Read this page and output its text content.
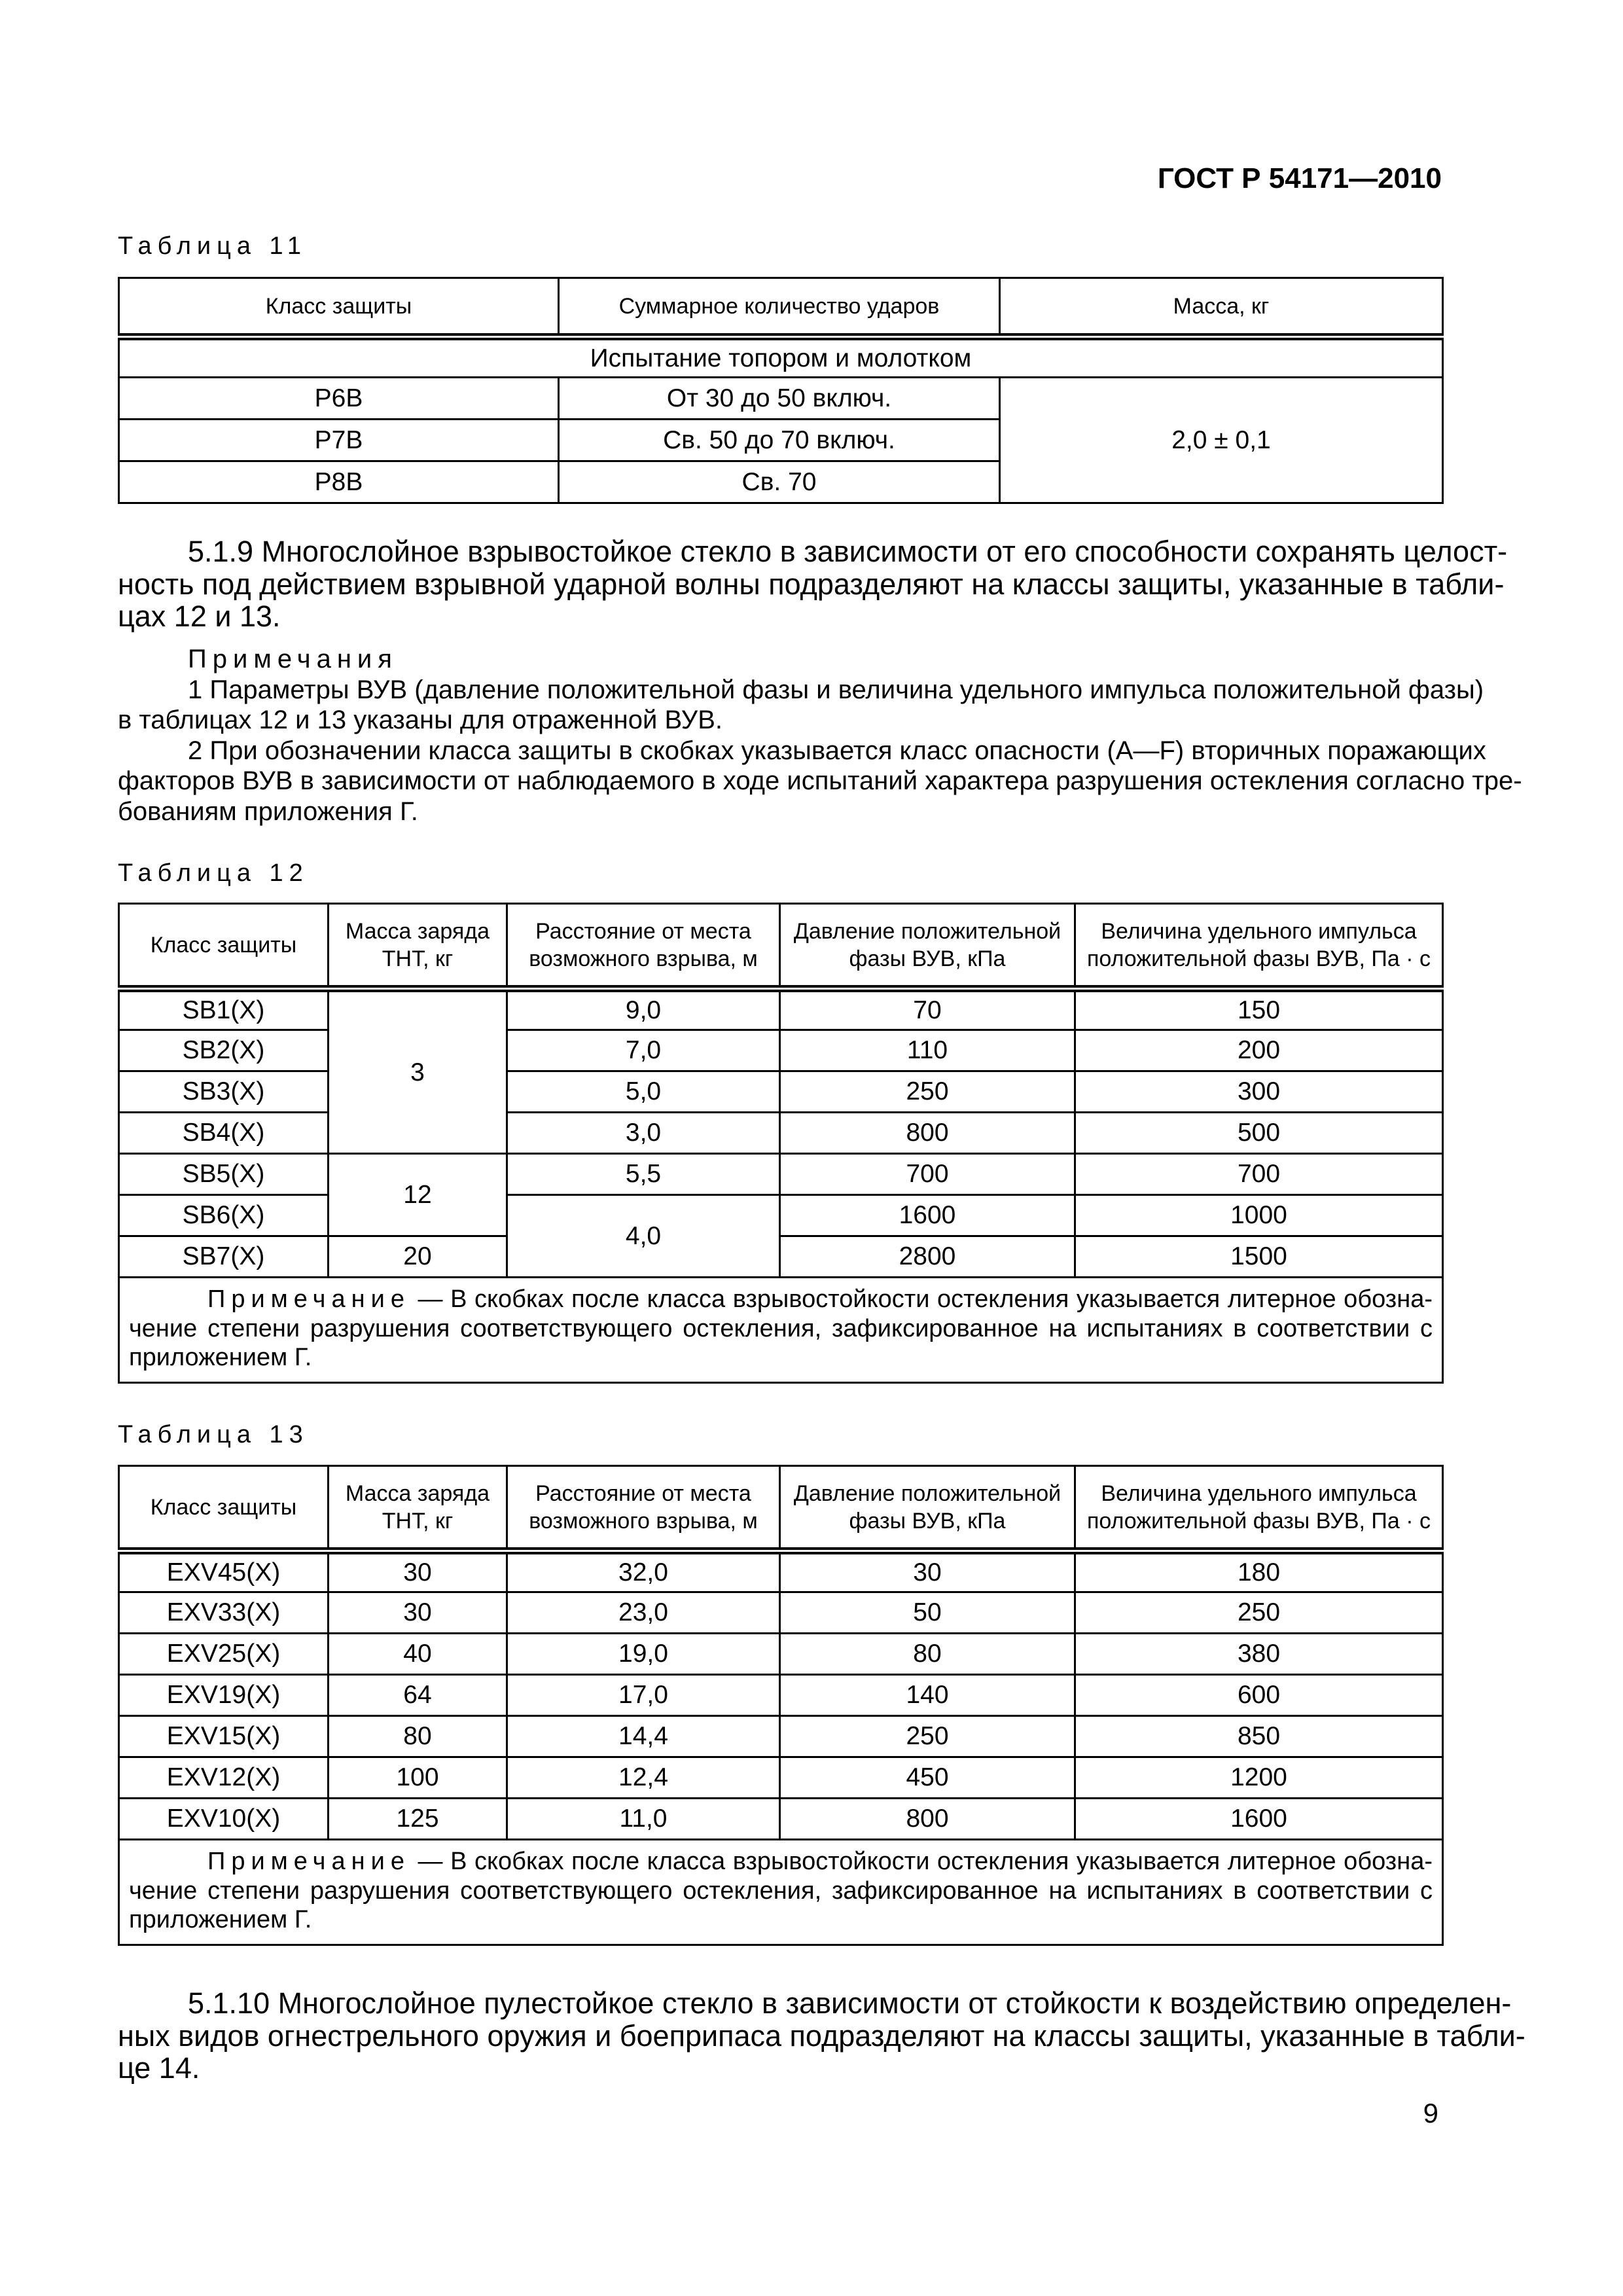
ГОСТ Р 54171—2010
Таблица 11
Класс защиты	Суммарное количество ударов	Масса, кг
Испытание топором и молотком		
P6B	От 30 до 50 включ.	2,0 ± 0,1
P7B	Св. 50 до 70 включ.	
P8B	Св. 70	
5.1.9 Многослойное взрывостойкое стекло в зависимости от его способности сохранять целост-
ность под действием взрывной ударной волны подразделяют на классы защиты, указанные в табли-
цах 12 и 13.
Примечания
1 Параметры ВУВ (давление положительной фазы и величина удельного импульса положительной фазы)
в таблицах 12 и 13 указаны для отраженной ВУВ.
2 При обозначении класса защиты в скобках указывается класс опасности (A—F) вторичных поражающих
факторов ВУВ в зависимости от наблюдаемого в ходе испытаний характера разрушения остекления согласно тре-
бованиям приложения Г.
Таблица 12
Класс защиты	Масса заряда ТНТ, кг	Расстояние от места возможного взрыва, м	Давление положительной фазы ВУВ, кПа	Величина удельного импульса положительной фазы ВУВ, Па · с
SB1(X)	3	9,0	70	150
SB2(X)		7,0	110	200
SB3(X)		5,0	250	300
SB4(X)		3,0	800	500
SB5(X)	12	5,5	700	700
SB6(X)		4,0	1600	1000
SB7(X)	20		2800	1500

Примечание — В скобках после класса взрывостойкости остекления указывается литерное обозна-
чение степени разрушения соответствующего остекления, зафиксированное на испытаниях в соответствии с
приложением Г.				
Таблица 13
Класс защиты	Масса заряда ТНТ, кг	Расстояние от места возможного взрыва, м	Давление положительной фазы ВУВ, кПа	Величина удельного импульса положительной фазы ВУВ, Па · с
EXV45(X)	30	32,0	30	180
EXV33(X)	30	23,0	50	250
EXV25(X)	40	19,0	80	380
EXV19(X)	64	17,0	140	600
EXV15(X)	80	14,4	250	850
EXV12(X)	100	12,4	450	1200
EXV10(X)	125	11,0	800	1600

Примечание — В скобках после класса взрывостойкости остекления указывается литерное обозна-
чение степени разрушения соответствующего остекления, зафиксированное на испытаниях в соответствии с
приложением Г.				
5.1.10 Многослойное пулестойкое стекло в зависимости от стойкости к воздействию определен-
ных видов огнестрельного оружия и боеприпаса подразделяют на классы защиты, указанные в табли-
це 14.
9
